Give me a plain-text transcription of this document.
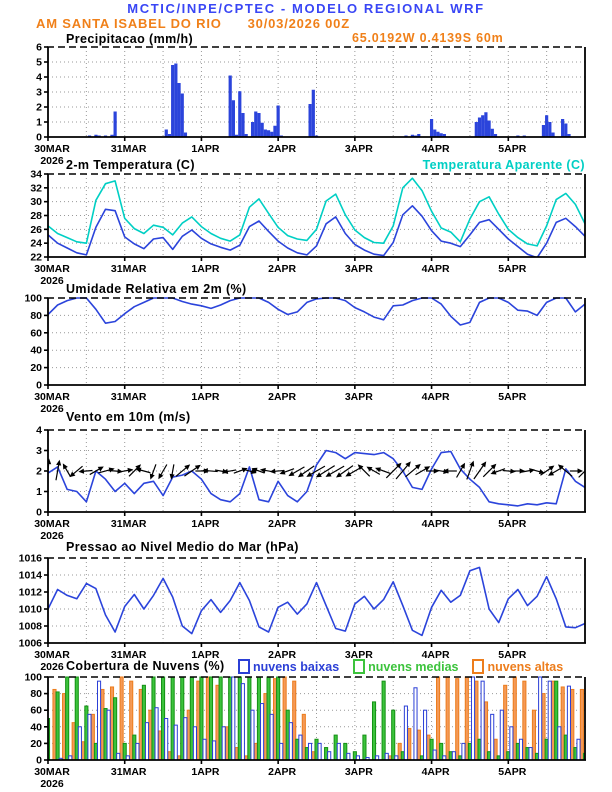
MCTIC/INPE/CPTEC - MODELO REGIONAL WRF
AM SANTA ISABEL DO RIO 30/03/2026 00Z
65.0192W 0.4139S 60m
Precipitacao (mm/h)
2-m Temperatura (C)	Temperatura Aparente (C)
Umidade Relativa em 2m (%)
Vento em 10m (m/s)
Pressao ao Nivel Medio do Mar (hPa)
Cobertura de Nuvens (%) nuvens baixas nuvens medias nuvens altas
0
1
2
3
4
5
6
30MAR
2026
31MAR	1APR	2APR	3APR	4APR	5APR
22
24
26
28
30
32
34
30MAR
2026
31MAR	1APR	2APR	3APR	4APR	5APR
0
20
40
60
80
100
30MAR
2026
31MAR	1APR	2APR	3APR	4APR	5APR
0
1
2
3
4
30MAR
2026
31MAR	1APR	2APR	3APR	4APR	5APR
1006
1008
1010
1012
1014
1016
30MAR
2026
31MAR	1APR	2APR	3APR	4APR	5APR
0
20
40
60
80
100
30MAR
2026
31MAR	1APR	2APR	3APR	4APR	5APR
